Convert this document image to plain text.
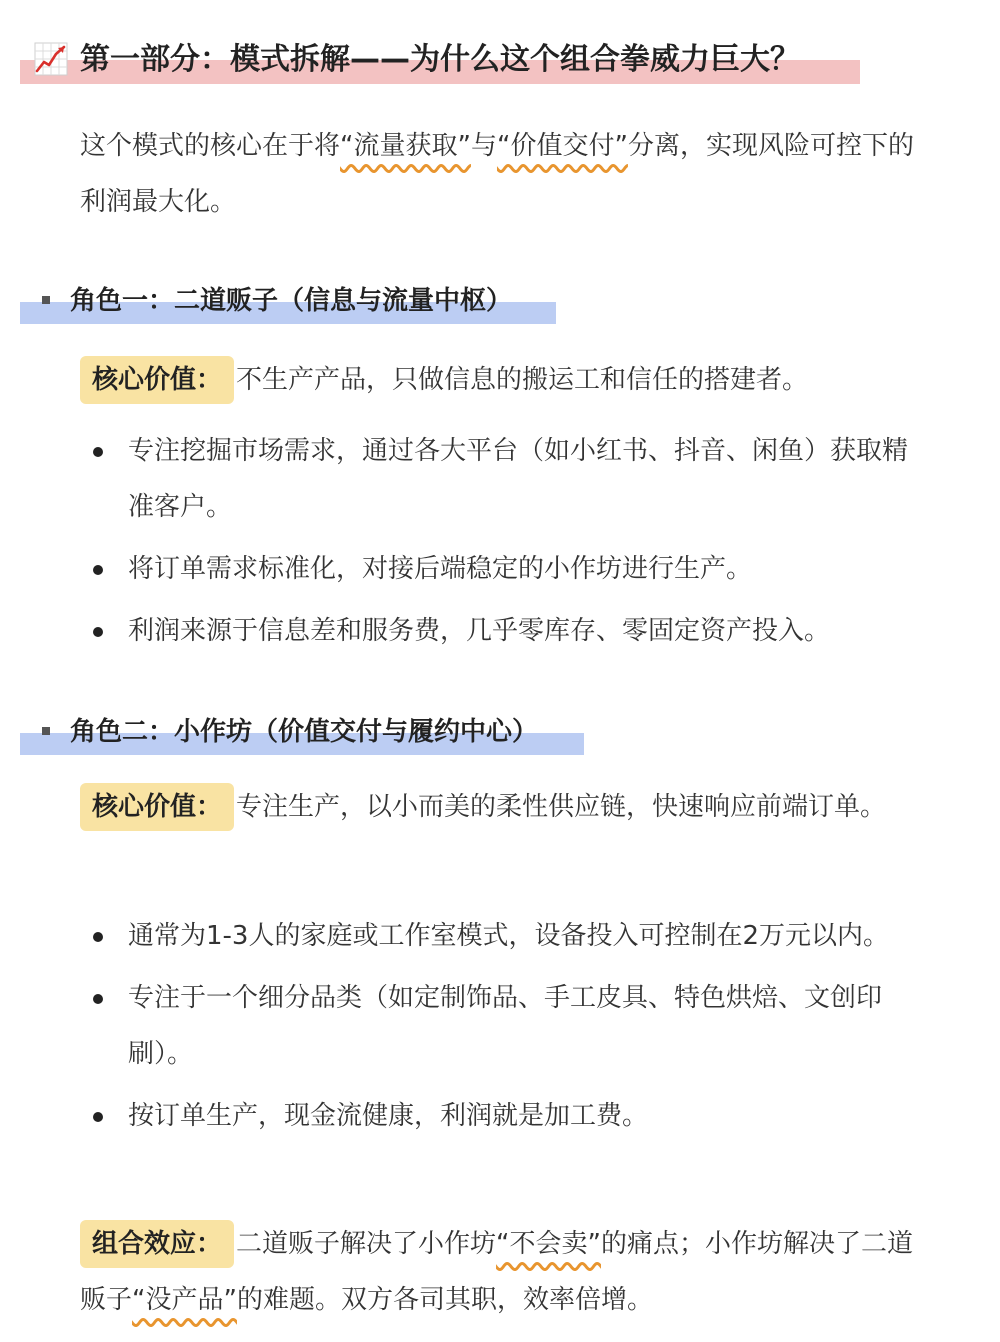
第一部分：模式拆解——为什么这个组合拳威力巨大？

这个模式的核心在于将“流量获取”与“价值交付”分离，实现风险可控下的利润最大化。

角色一：二道贩子（信息与流量中枢）

核心价值： 不生产产品，只做信息的搬运工和信任的搭建者。

专注挖掘市场需求，通过各大平台（如小红书、抖音、闲鱼）获取精准客户。
将订单需求标准化，对接后端稳定的小作坊进行生产。
利润来源于信息差和服务费，几乎零库存、零固定资产投入。
角色二：小作坊（价值交付与履约中心）

核心价值： 专注生产，以小而美的柔性供应链，快速响应前端订单。

通常为1-3人的家庭或工作室模式，设备投入可控制在2万元以内。
专注于一个细分品类（如定制饰品、手工皮具、特色烘焙、文创印刷）。
按订单生产，现金流健康，利润就是加工费。

组合效应： 二道贩子解决了小作坊“不会卖”的痛点；小作坊解决了二道贩子“没产品”的难题。双方各司其职，效率倍增。
